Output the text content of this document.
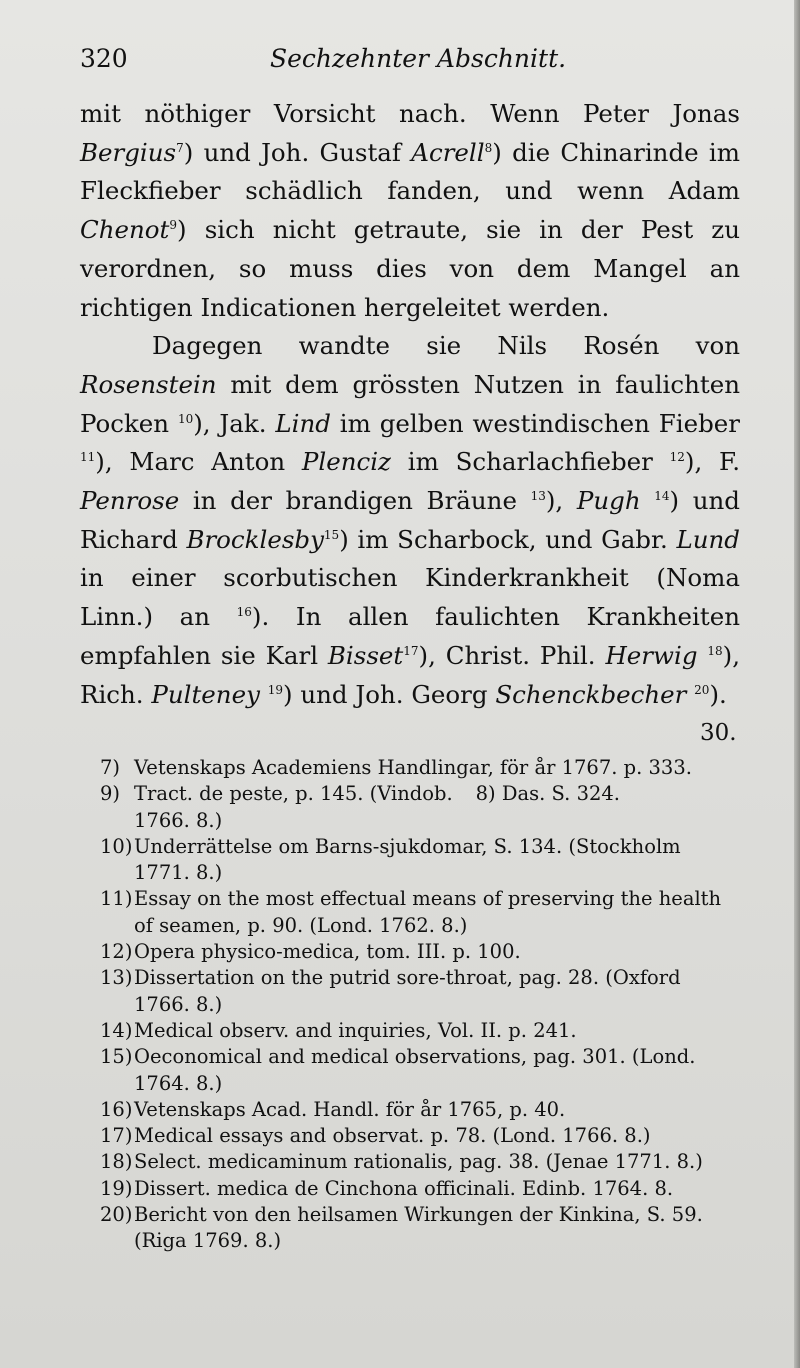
320	Sechzehnter Abschnitt.

mit nöthiger Vorsicht nach. Wenn Peter Jonas Bergius$^7$) und Joh. Gustaf Acrell$^8$) die Chinarinde im Fleckfieber schädlich fanden, und wenn Adam Chenot$^9$) sich nicht getraute, sie in der Pest zu verordnen, so muss dies von dem Mangel an richtigen Indicationen hergeleitet werden.

Dagegen wandte sie Nils Rosén von Rosenstein mit dem grössten Nutzen in faulichten Pocken $^{10}$), Jak. Lind im gelben westindischen Fieber $^{11}$), Marc Anton Plenciz im Scharlachfieber $^{12}$), F. Penrose in der brandigen Bräune $^{13}$), Pugh $^{14}$) und Richard Brocklesby$^{15}$) im Scharbock, und Gabr. Lund in einer scorbutischen Kinderkrankheit (Noma Linn.) an $^{16}$). In allen faulichten Krankheiten empfahlen sie Karl Bisset$^{17}$), Christ. Phil. Herwig $^{18}$), Rich. Pulteney $^{19}$) und Joh. Georg Schenckbecher $^{20}$).

30.
7) Vetenskaps Academiens Handlingar, för år 1767. p. 333.
8) Das. S. 324.
9) Tract. de peste, p. 145. (Vindob. 1766. 8.)
10) Underrättelse om Barns-sjukdomar, S. 134. (Stockholm 1771. 8.)
11) Essay on the most effectual means of preserving the health of seamen, p. 90. (Lond. 1762. 8.)
12) Opera physico-medica, tom. III. p. 100.
13) Dissertation on the putrid sore-throat, pag. 28. (Oxford 1766. 8.)
14) Medical observ. and inquiries, Vol. II. p. 241.
15) Oeconomical and medical observations, pag. 301. (Lond. 1764. 8.)
16) Vetenskaps Acad. Handl. för år 1765, p. 40.
17) Medical essays and observat. p. 78. (Lond. 1766. 8.)
18) Select. medicaminum rationalis, pag. 38. (Jenae 1771. 8.)
19) Dissert. medica de Cinchona officinali. Edinb. 1764. 8.
20) Bericht von den heilsamen Wirkungen der Kinkina, S. 59. (Riga 1769. 8.)
